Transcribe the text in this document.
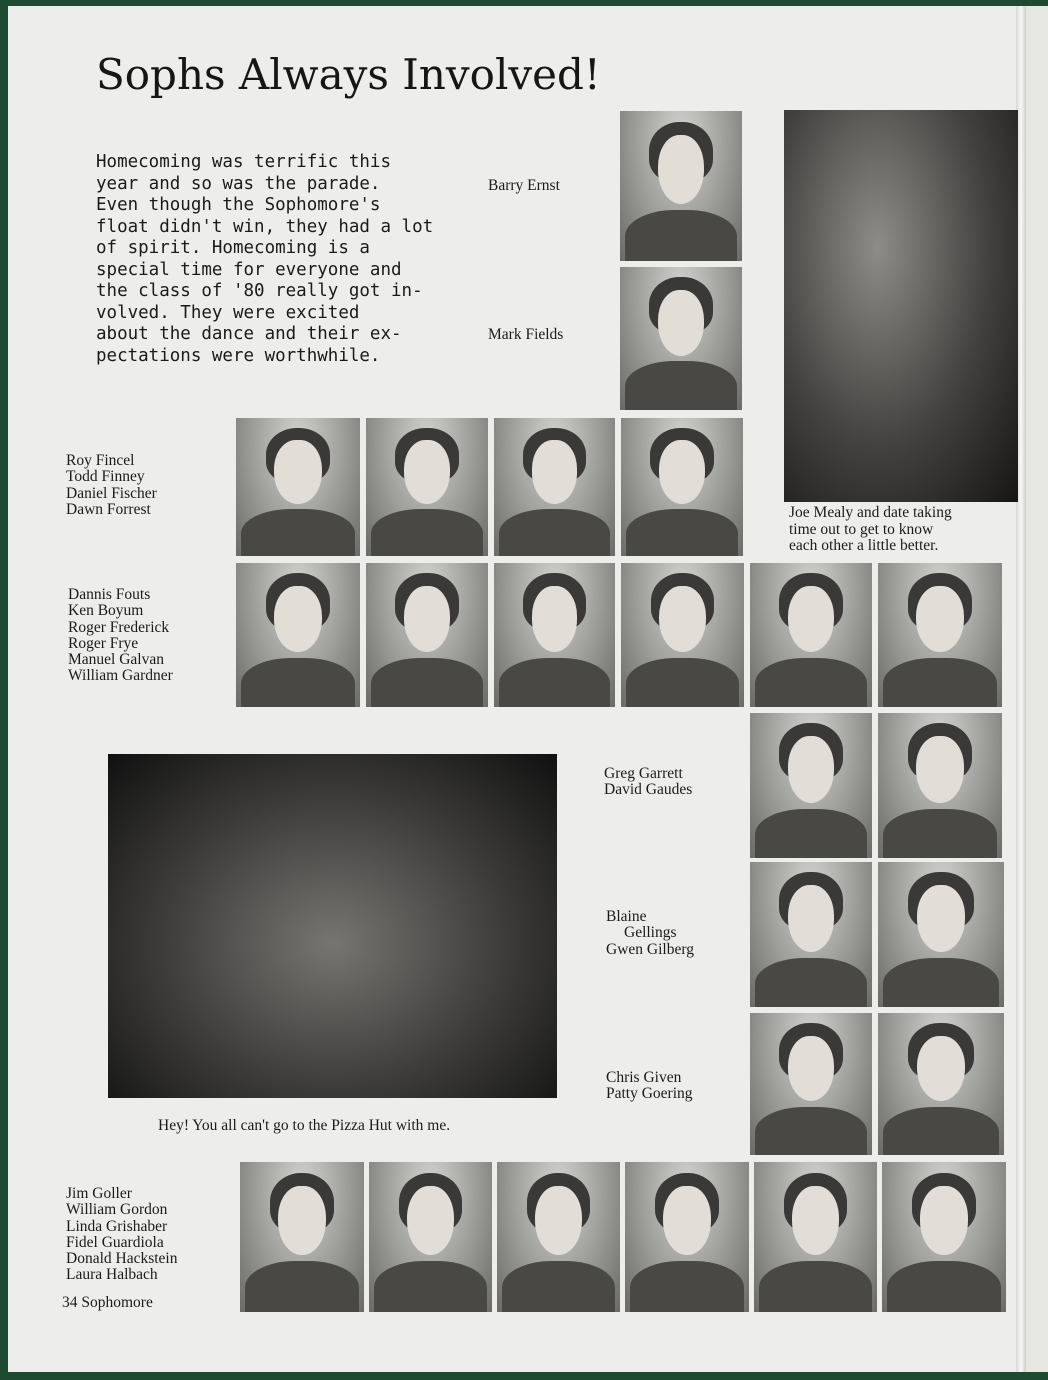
Sophs Always Involved!
Homecoming was terrific this
year and so was the parade.
Even though the Sophomore's
float didn't win, they had a lot
of spirit. Homecoming is a
special time for everyone and
the class of '80 really got in-
volved. They were excited
about the dance and their ex-
pectations were worthwhile.
Barry Ernst
Mark Fields
Roy Fincel
Todd Finney
Daniel Fischer
Dawn Forrest
Dannis Fouts
Ken Boyum
Roger Frederick
Roger Frye
Manuel Galvan
William Gardner
Greg Garrett
David Gaudes
Blaine
Gellings
Gwen Gilberg
Chris Given
Patty Goering
Jim Goller
William Gordon
Linda Grishaber
Fidel Guardiola
Donald Hackstein
Laura Halbach
Joe Mealy and date taking
time out to get to know
each other a little better.
Hey! You all can't go to the Pizza Hut with me.
34 Sophomore
